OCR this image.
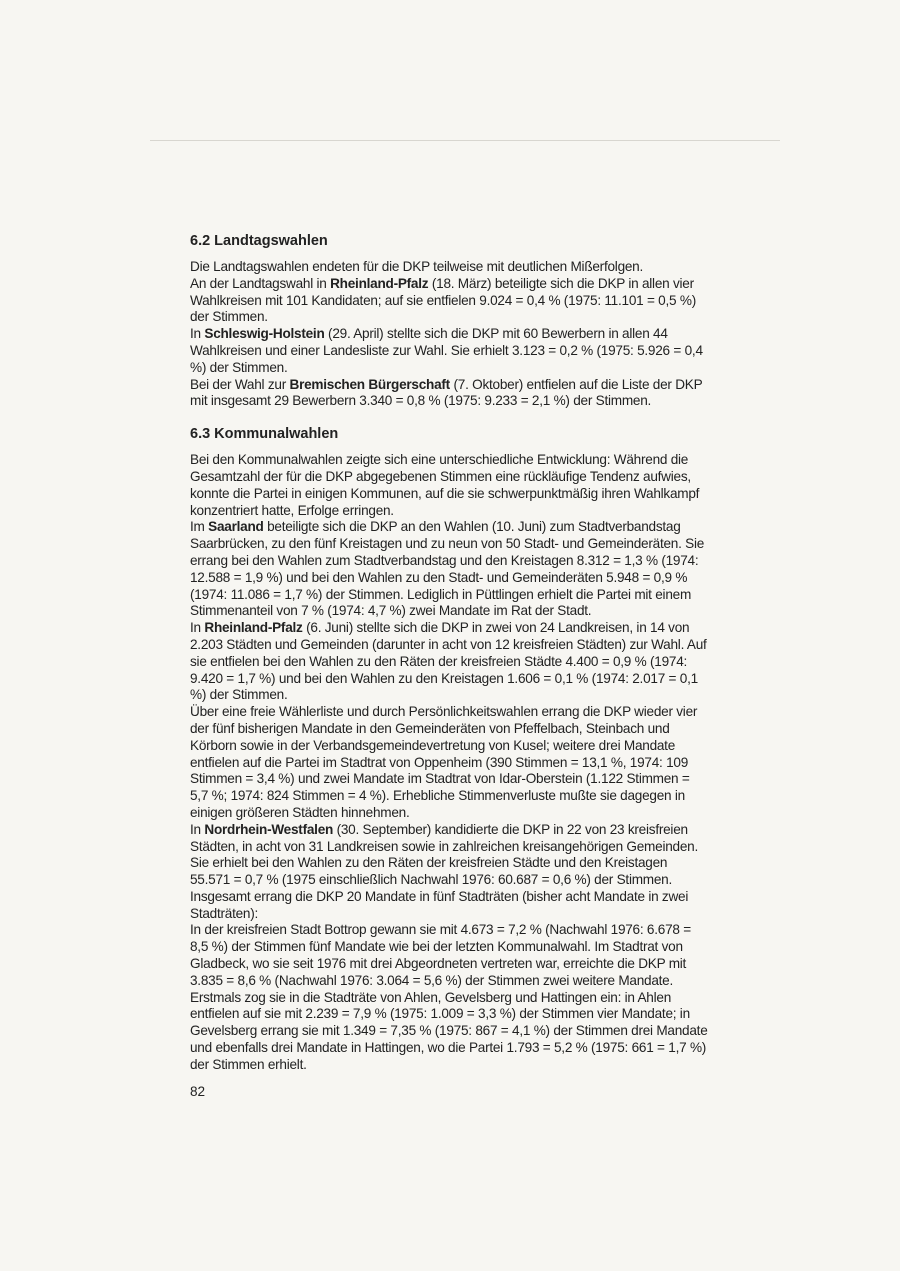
6.2 Landtagswahlen

Die Landtagswahlen endeten für die DKP teilweise mit deutlichen Mißerfolgen.

An der Landtagswahl in Rheinland-Pfalz (18. März) beteiligte sich die DKP in allen vier Wahlkreisen mit 101 Kandidaten; auf sie entfielen 9.024 = 0,4 % (1975: 11.101 = 0,5 %) der Stimmen.

In Schleswig-Holstein (29. April) stellte sich die DKP mit 60 Bewerbern in allen 44 Wahlkreisen und einer Landesliste zur Wahl. Sie erhielt 3.123 = 0,2 % (1975: 5.926 = 0,4 %) der Stimmen.

Bei der Wahl zur Bremischen Bürgerschaft (7. Oktober) entfielen auf die Liste der DKP mit insgesamt 29 Bewerbern 3.340 = 0,8 % (1975: 9.233 = 2,1 %) der Stimmen.

6.3 Kommunalwahlen

Bei den Kommunalwahlen zeigte sich eine unterschiedliche Entwicklung: Während die Gesamtzahl der für die DKP abgegebenen Stimmen eine rückläufige Tendenz aufwies, konnte die Partei in einigen Kommunen, auf die sie schwerpunktmäßig ihren Wahlkampf konzentriert hatte, Erfolge erringen.

Im Saarland beteiligte sich die DKP an den Wahlen (10. Juni) zum Stadtverbandstag Saarbrücken, zu den fünf Kreistagen und zu neun von 50 Stadt- und Gemeinderäten. Sie errang bei den Wahlen zum Stadtverbandstag und den Kreistagen 8.312 = 1,3 % (1974: 12.588 = 1,9 %) und bei den Wahlen zu den Stadt- und Gemeinderäten 5.948 = 0,9 % (1974: 11.086 = 1,7 %) der Stimmen. Lediglich in Püttlingen erhielt die Partei mit einem Stimmenanteil von 7 % (1974: 4,7 %) zwei Mandate im Rat der Stadt.

In Rheinland-Pfalz (6. Juni) stellte sich die DKP in zwei von 24 Landkreisen, in 14 von 2.203 Städten und Gemeinden (darunter in acht von 12 kreisfreien Städten) zur Wahl. Auf sie entfielen bei den Wahlen zu den Räten der kreisfreien Städte 4.400 = 0,9 % (1974: 9.420 = 1,7 %) und bei den Wahlen zu den Kreistagen 1.606 = 0,1 % (1974: 2.017 = 0,1 %) der Stimmen.

Über eine freie Wählerliste und durch Persönlichkeitswahlen errang die DKP wieder vier der fünf bisherigen Mandate in den Gemeinderäten von Pfeffelbach, Steinbach und Körborn sowie in der Verbandsgemeindevertretung von Kusel; weitere drei Mandate entfielen auf die Partei im Stadtrat von Oppenheim (390 Stimmen = 13,1 %, 1974: 109 Stimmen = 3,4 %) und zwei Mandate im Stadtrat von Idar-Oberstein (1.122 Stimmen = 5,7 %; 1974: 824 Stimmen = 4 %). Erhebliche Stimmenverluste mußte sie dagegen in einigen größeren Städten hinnehmen.

In Nordrhein-Westfalen (30. September) kandidierte die DKP in 22 von 23 kreisfreien Städten, in acht von 31 Landkreisen sowie in zahlreichen kreisangehörigen Gemeinden. Sie erhielt bei den Wahlen zu den Räten der kreisfreien Städte und den Kreistagen 55.571 = 0,7 % (1975 einschließlich Nachwahl 1976: 60.687 = 0,6 %) der Stimmen. Insgesamt errang die DKP 20 Mandate in fünf Stadträten (bisher acht Mandate in zwei Stadträten):

In der kreisfreien Stadt Bottrop gewann sie mit 4.673 = 7,2 % (Nachwahl 1976: 6.678 = 8,5 %) der Stimmen fünf Mandate wie bei der letzten Kommunalwahl. Im Stadtrat von Gladbeck, wo sie seit 1976 mit drei Abgeordneten vertreten war, erreichte die DKP mit 3.835 = 8,6 % (Nachwahl 1976: 3.064 = 5,6 %) der Stimmen zwei weitere Mandate. Erstmals zog sie in die Stadträte von Ahlen, Gevelsberg und Hattingen ein: in Ahlen entfielen auf sie mit 2.239 = 7,9 % (1975: 1.009 = 3,3 %) der Stimmen vier Mandate; in Gevelsberg errang sie mit 1.349 = 7,35 % (1975: 867 = 4,1 %) der Stimmen drei Mandate und ebenfalls drei Mandate in Hattingen, wo die Partei 1.793 = 5,2 % (1975: 661 = 1,7 %) der Stimmen erhielt.

82
